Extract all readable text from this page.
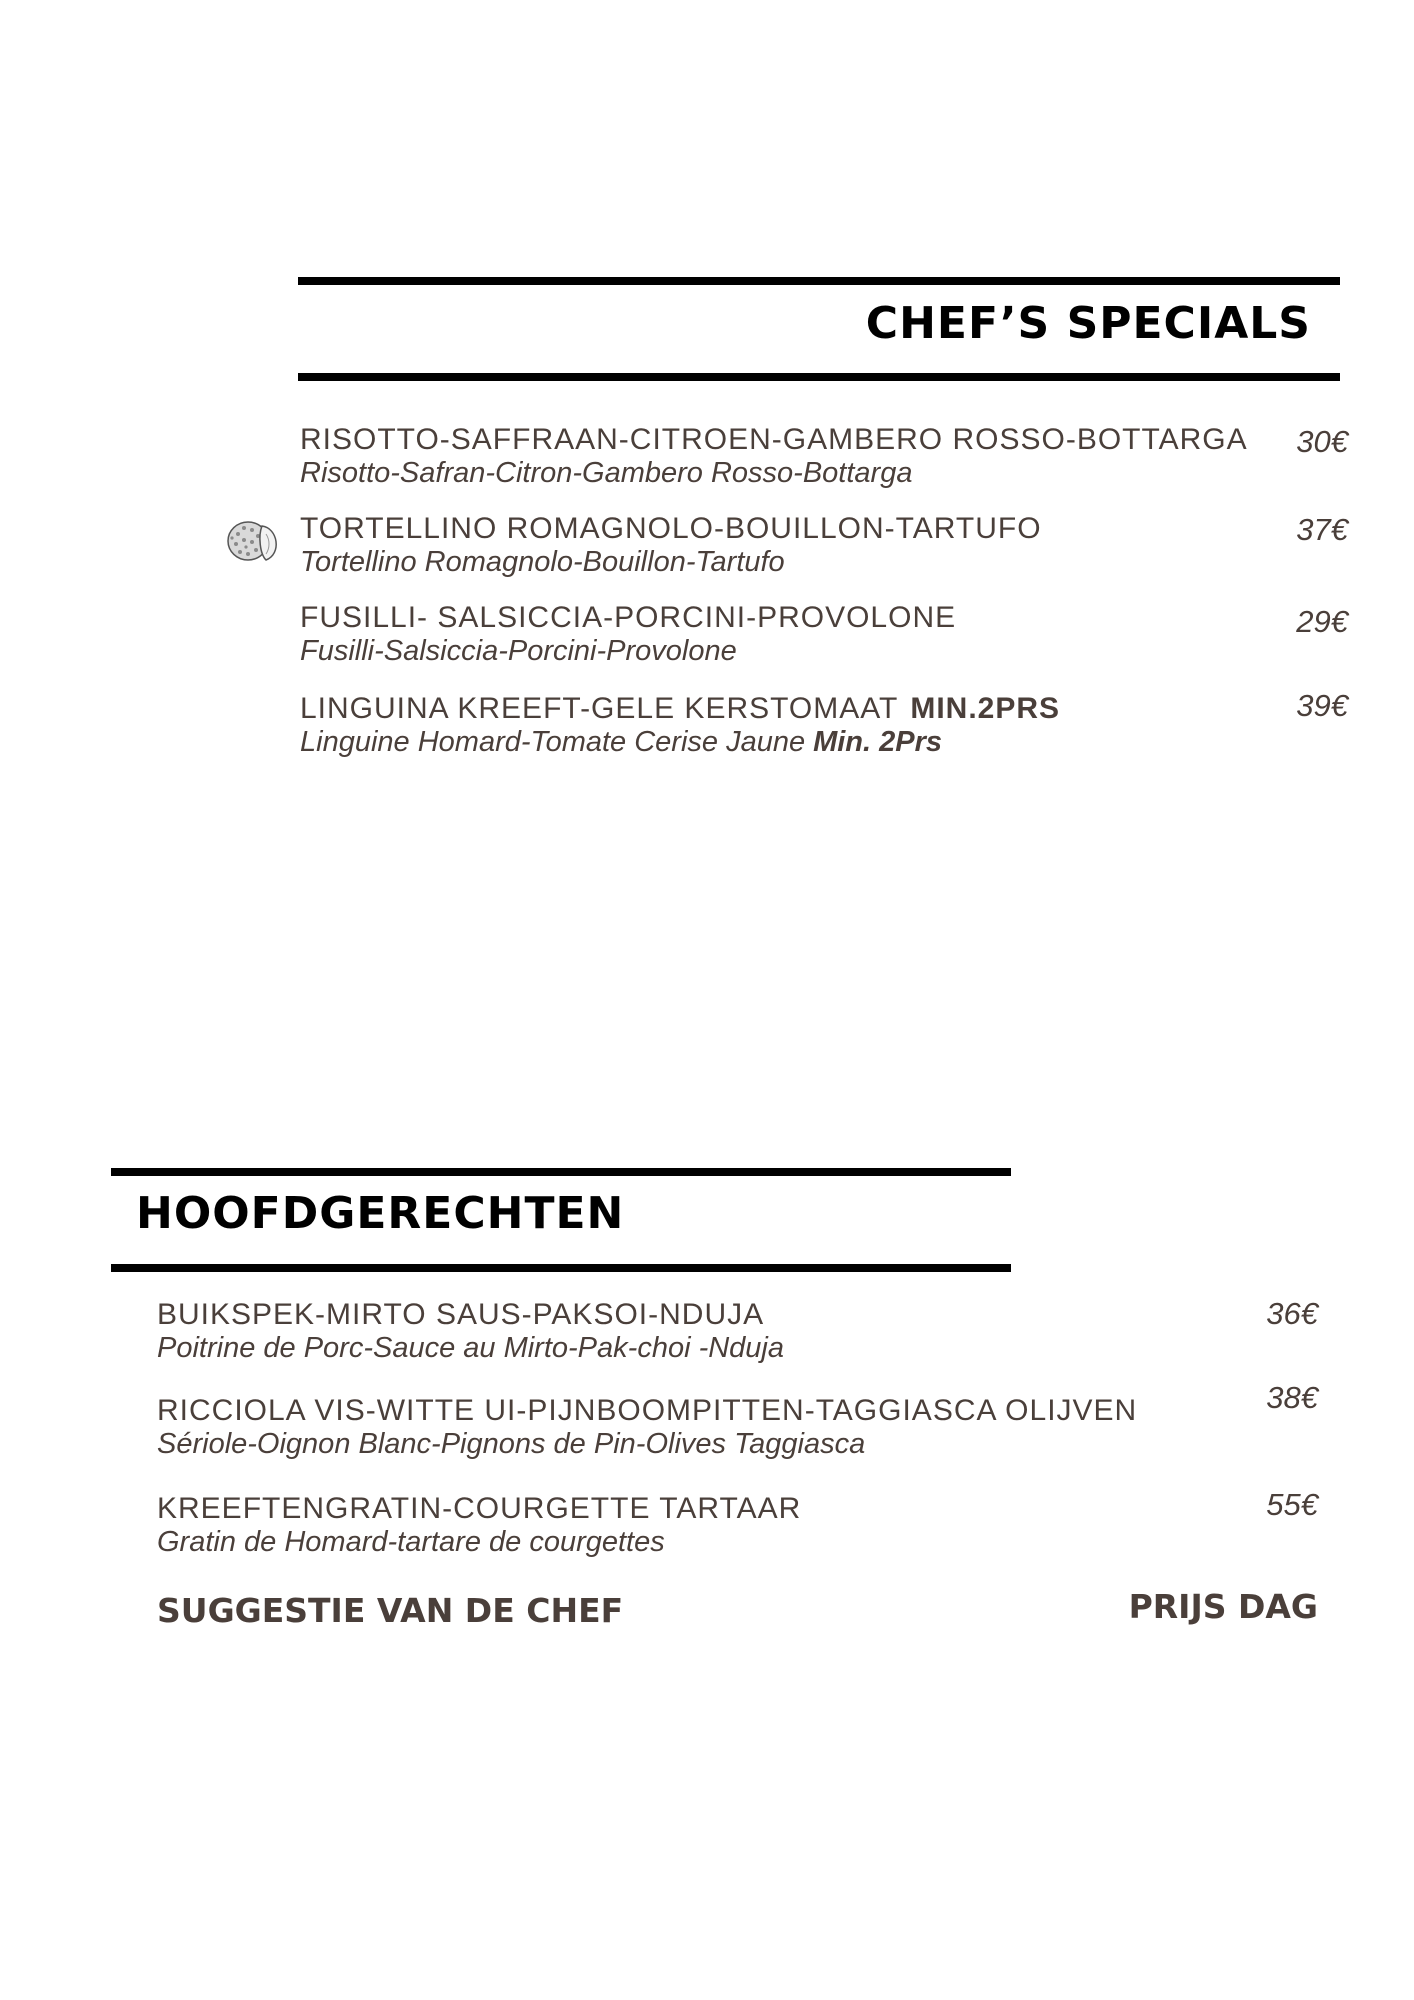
CHEF’S SPECIALS
RISOTTO-SAFFRAAN-CITROEN-GAMBERO ROSSO-BOTTARGA
Risotto-Safran-Citron-Gambero Rosso-Bottarga
30€
TORTELLINO ROMAGNOLO-BOUILLON-TARTUFO
Tortellino Romagnolo-Bouillon-Tartufo
37€
FUSILLI- SALSICCIA-PORCINI-PROVOLONE
Fusilli-Salsiccia-Porcini-Provolone
29€
LINGUINA KREEFT-GELE KERSTOMAAT MIN.2PRS
Linguine Homard-Tomate Cerise Jaune Min. 2Prs
39€
HOOFDGERECHTEN
BUIKSPEK-MIRTO SAUS-PAKSOI-NDUJA
Poitrine de Porc-Sauce au Mirto-Pak-choi -Nduja
36€
RICCIOLA VIS-WITTE UI-PIJNBOOMPITTEN-TAGGIASCA OLIJVEN
Sériole-Oignon Blanc-Pignons de Pin-Olives Taggiasca
38€
KREEFTENGRATIN-COURGETTE TARTAAR
Gratin de Homard-tartare de courgettes
55€
SUGGESTIE VAN DE CHEF	PRIJS DAG
